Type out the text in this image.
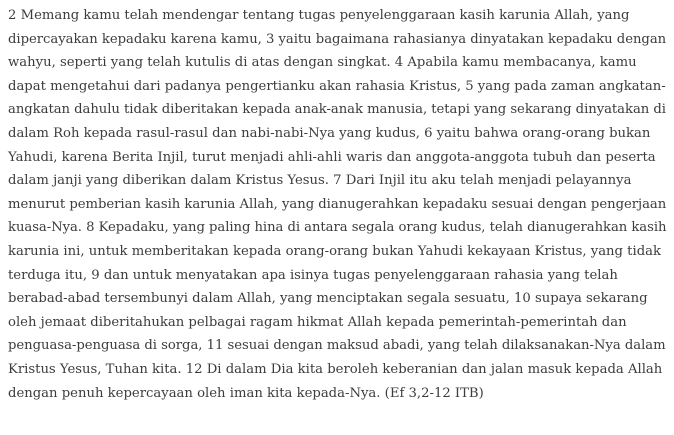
2 Memang kamu telah mendengar tentang tugas penyelenggaraan kasih karunia Allah, yang
dipercayakan kepadaku karena kamu, 3 yaitu bagaimana rahasianya dinyatakan kepadaku dengan
wahyu, seperti yang telah kutulis di atas dengan singkat. 4 Apabila kamu membacanya, kamu
dapat mengetahui dari padanya pengertianku akan rahasia Kristus, 5 yang pada zaman angkatan-
angkatan dahulu tidak diberitakan kepada anak-anak manusia, tetapi yang sekarang dinyatakan di
dalam Roh kepada rasul-rasul dan nabi-nabi-Nya yang kudus, 6 yaitu bahwa orang-orang bukan
Yahudi, karena Berita Injil, turut menjadi ahli-ahli waris dan anggota-anggota tubuh dan peserta
dalam janji yang diberikan dalam Kristus Yesus. 7 Dari Injil itu aku telah menjadi pelayannya
menurut pemberian kasih karunia Allah, yang dianugerahkan kepadaku sesuai dengan pengerjaan
kuasa-Nya. 8 Kepadaku, yang paling hina di antara segala orang kudus, telah dianugerahkan kasih
karunia ini, untuk memberitakan kepada orang-orang bukan Yahudi kekayaan Kristus, yang tidak
terduga itu, 9 dan untuk menyatakan apa isinya tugas penyelenggaraan rahasia yang telah
berabad-abad tersembunyi dalam Allah, yang menciptakan segala sesuatu, 10 supaya sekarang
oleh jemaat diberitahukan pelbagai ragam hikmat Allah kepada pemerintah-pemerintah dan
penguasa-penguasa di sorga, 11 sesuai dengan maksud abadi, yang telah dilaksanakan-Nya dalam
Kristus Yesus, Tuhan kita. 12 Di dalam Dia kita beroleh keberanian dan jalan masuk kepada Allah
dengan penuh kepercayaan oleh iman kita kepada-Nya. (Ef 3,2-12 ITB)
